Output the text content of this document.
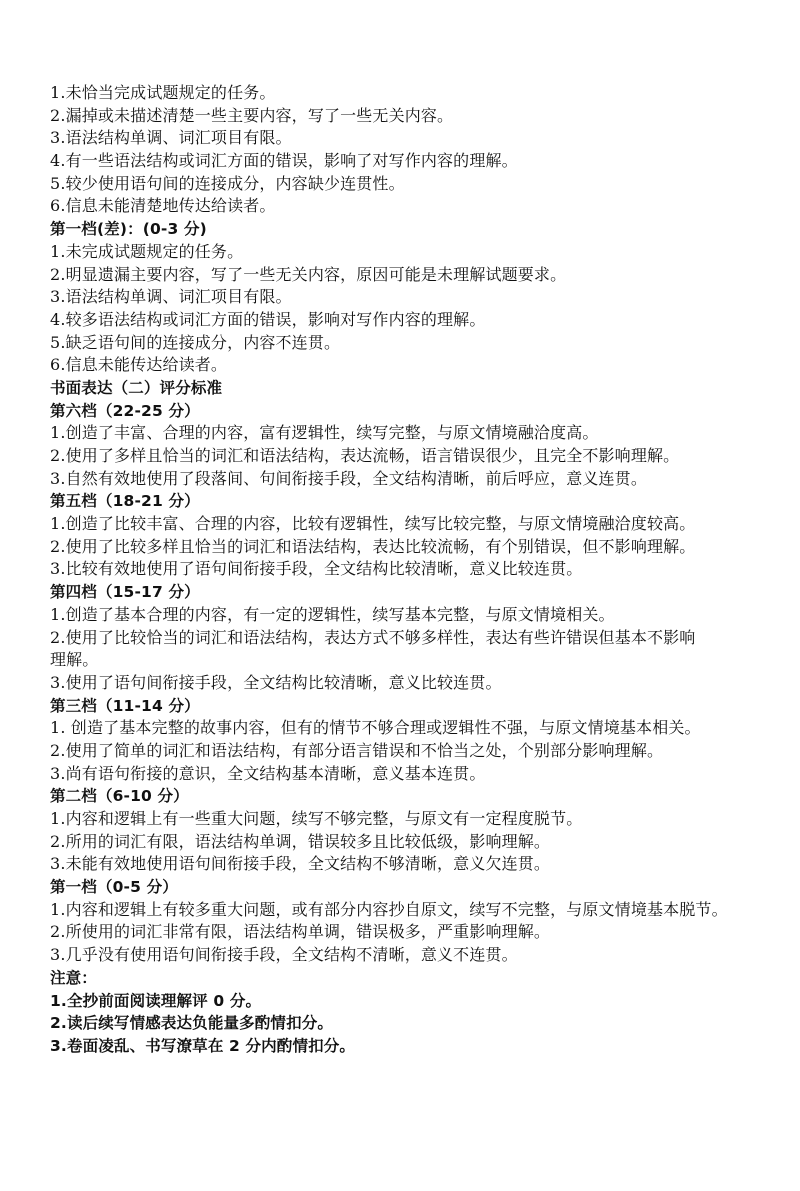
1.未恰当完成试题规定的任务。
2.漏掉或未描述清楚一些主要内容，写了一些无关内容。
3.语法结构单调、词汇项目有限。
4.有一些语法结构或词汇方面的错误，影响了对写作内容的理解。
5.较少使用语句间的连接成分，内容缺少连贯性。
6.信息未能清楚地传达给读者。
第一档(差)：(0-3 分)
1.未完成试题规定的任务。
2.明显遗漏主要内容，写了一些无关内容，原因可能是未理解试题要求。
3.语法结构单调、词汇项目有限。
4.较多语法结构或词汇方面的错误，影响对写作内容的理解。
5.缺乏语句间的连接成分，内容不连贯。
6.信息未能传达给读者。
书面表达（二）评分标准
第六档（22-25 分）
1.创造了丰富、合理的内容，富有逻辑性，续写完整，与原文情境融洽度高。
2.使用了多样且恰当的词汇和语法结构，表达流畅，语言错误很少，且完全不影响理解。
3.自然有效地使用了段落间、句间衔接手段，全文结构清晰，前后呼应，意义连贯。
第五档（18-21 分）
1.创造了比较丰富、合理的内容，比较有逻辑性，续写比较完整，与原文情境融洽度较高。
2.使用了比较多样且恰当的词汇和语法结构，表达比较流畅，有个别错误，但不影响理解。
3.比较有效地使用了语句间衔接手段，全文结构比较清晰，意义比较连贯。
第四档（15-17 分）
1.创造了基本合理的内容，有一定的逻辑性，续写基本完整，与原文情境相关。
2.使用了比较恰当的词汇和语法结构，表达方式不够多样性，表达有些许错误但基本不影响
理解。
3.使用了语句间衔接手段，全文结构比较清晰，意义比较连贯。
第三档（11-14 分）
1. 创造了基本完整的故事内容，但有的情节不够合理或逻辑性不强，与原文情境基本相关。
2.使用了简单的词汇和语法结构，有部分语言错误和不恰当之处，个别部分影响理解。
3.尚有语句衔接的意识，全文结构基本清晰，意义基本连贯。
第二档（6-10 分）
1.内容和逻辑上有一些重大问题，续写不够完整，与原文有一定程度脱节。
2.所用的词汇有限，语法结构单调，错误较多且比较低级，影响理解。
3.未能有效地使用语句间衔接手段，全文结构不够清晰，意义欠连贯。
第一档（0-5 分）
1.内容和逻辑上有较多重大问题，或有部分内容抄自原文，续写不完整，与原文情境基本脱节。
2.所使用的词汇非常有限，语法结构单调，错误极多，严重影响理解。
3.几乎没有使用语句间衔接手段，全文结构不清晰，意义不连贯。
注意：
1.全抄前面阅读理解评 0 分。
2.读后续写情感表达负能量多酌情扣分。
3.卷面凌乱、书写潦草在 2 分内酌情扣分。
